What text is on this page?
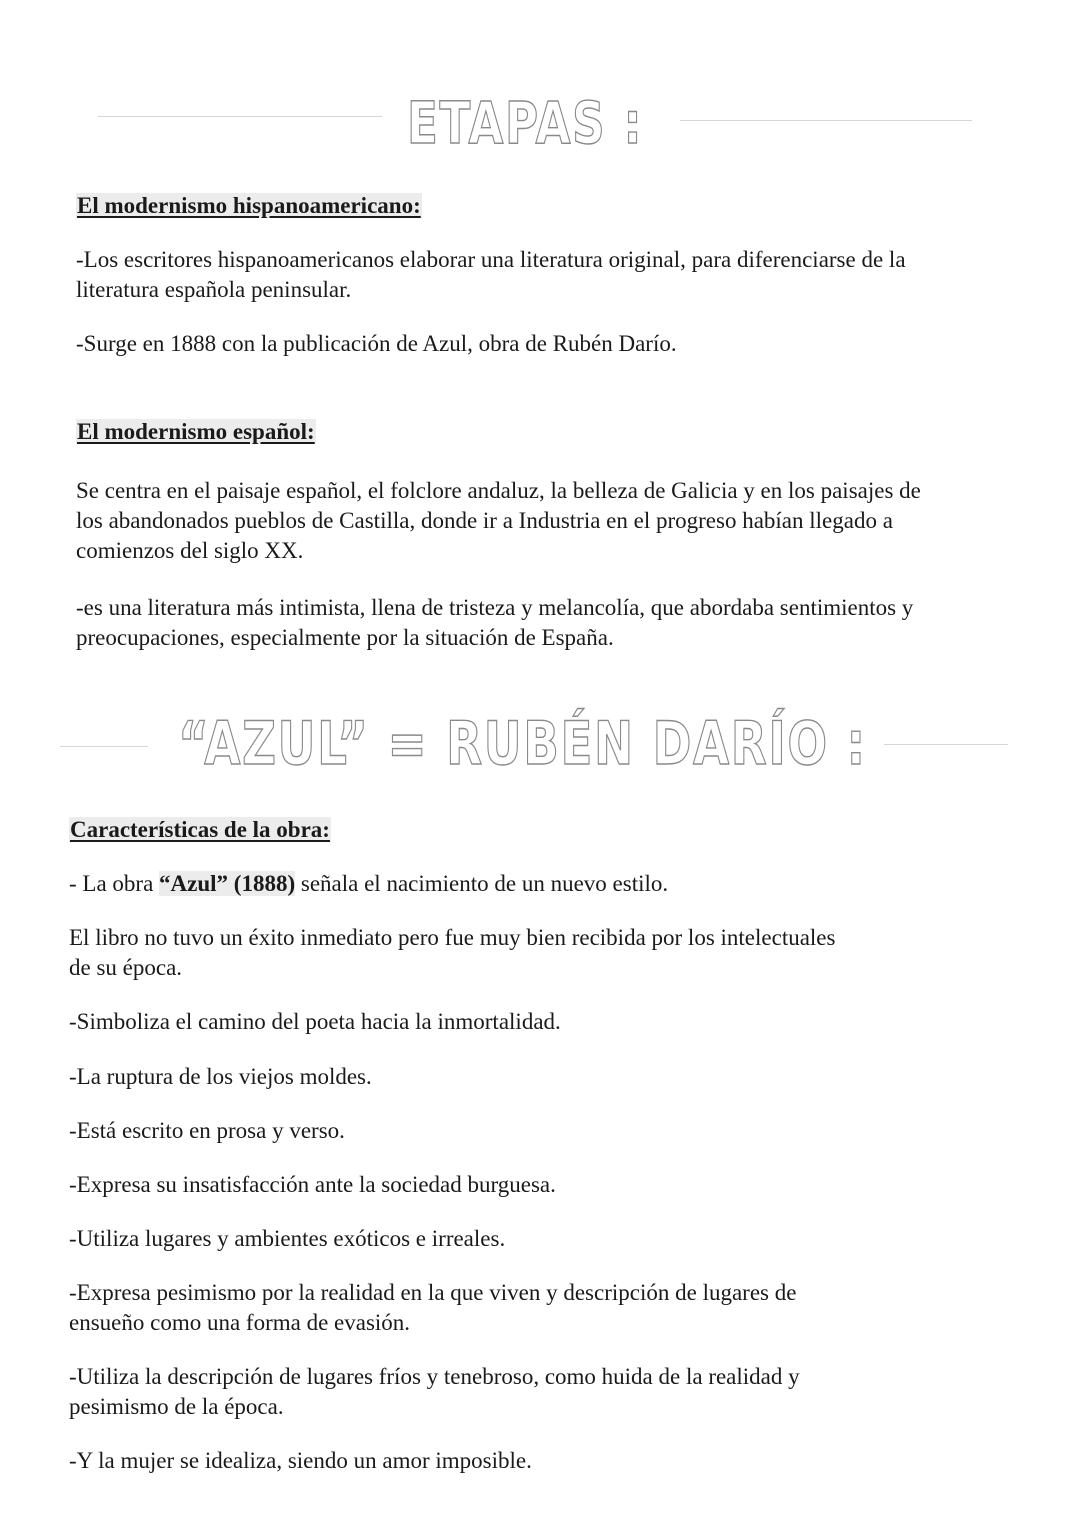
ETAPAS :
El modernismo hispanoamericano:

-Los escritores hispanoamericanos elaborar una literatura original, para diferenciarse de la

literatura española peninsular.

-Surge en 1888 con la publicación de Azul, obra de Rubén Darío.

El modernismo español:

Se centra en el paisaje español, el folclore andaluz, la belleza de Galicia y en los paisajes de

los abandonados pueblos de Castilla, donde ir a Industria en el progreso habían llegado a

comienzos del siglo XX.

-es una literatura más intimista, llena de tristeza y melancolía, que abordaba sentimientos y

preocupaciones, especialmente por la situación de España.

“AZUL” = RUBÉN DARÍO :
Características de la obra:

- La obra “Azul” (1888) señala el nacimiento de un nuevo estilo.

El libro no tuvo un éxito inmediato pero fue muy bien recibida por los intelectuales

de su época.

-Simboliza el camino del poeta hacia la inmortalidad.

-La ruptura de los viejos moldes.

-Está escrito en prosa y verso.

-Expresa su insatisfacción ante la sociedad burguesa.

-Utiliza lugares y ambientes exóticos e irreales.

-Expresa pesimismo por la realidad en la que viven y descripción de lugares de

ensueño como una forma de evasión.

-Utiliza la descripción de lugares fríos y tenebroso, como huida de la realidad y

pesimismo de la época.

-Y la mujer se idealiza, siendo un amor imposible.
